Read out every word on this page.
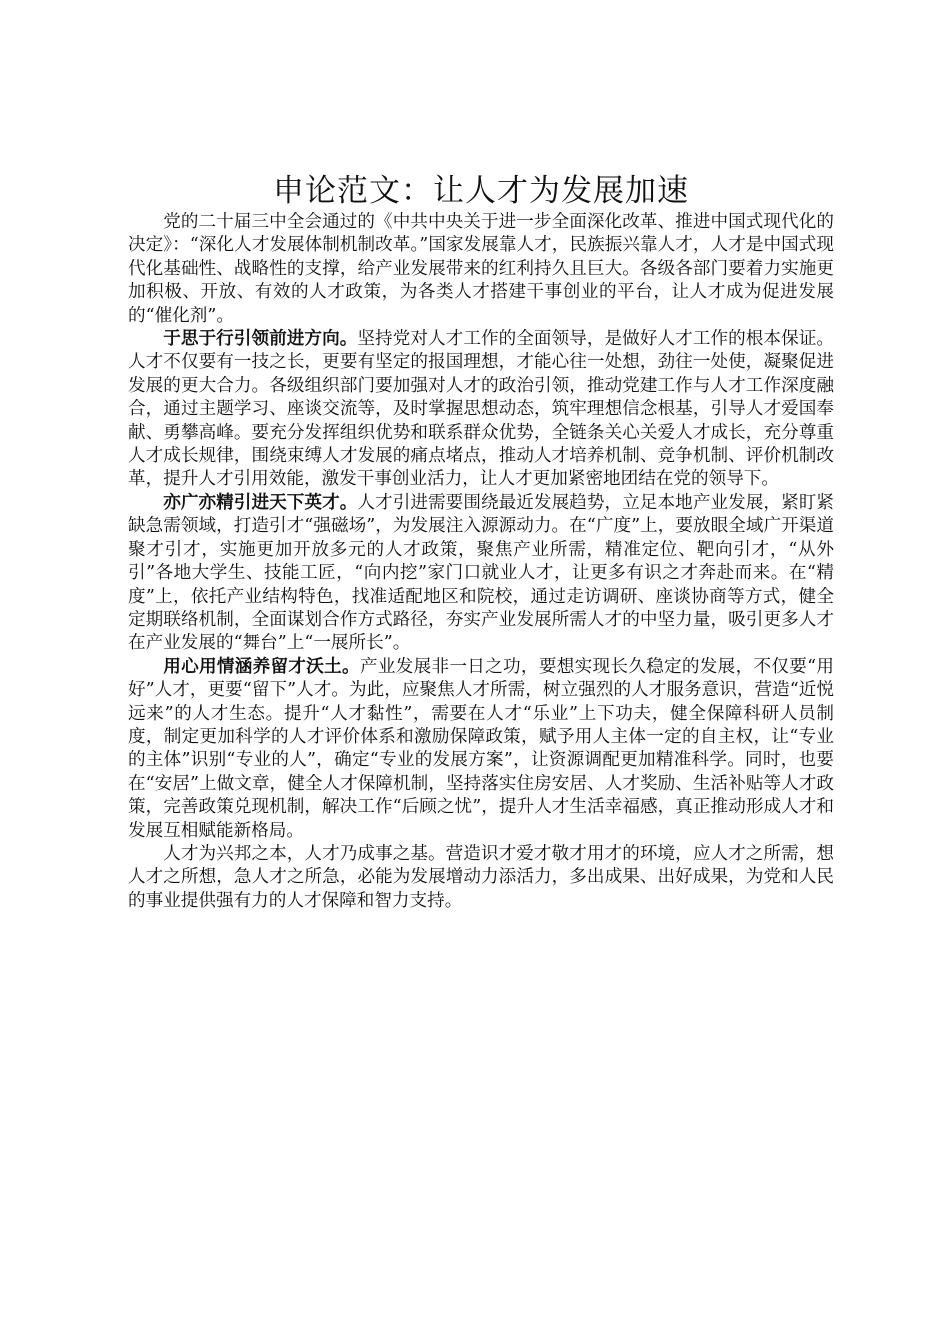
申论范文：让人才为发展加速

党的二十届三中全会通过的《中共中央关于进一步全面深化改革、推进中国式现代化的决定》：“深化人才发展体制机制改革。”国家发展靠人才，民族振兴靠人才，人才是中国式现代化基础性、战略性的支撑，给产业发展带来的红利持久且巨大。各级各部门要着力实施更加积极、开放、有效的人才政策，为各类人才搭建干事创业的平台，让人才成为促进发展的“催化剂”。

于思于行引领前进方向。坚持党对人才工作的全面领导，是做好人才工作的根本保证。人才不仅要有一技之长，更要有坚定的报国理想，才能心往一处想，劲往一处使，凝聚促进发展的更大合力。各级组织部门要加强对人才的政治引领，推动党建工作与人才工作深度融合，通过主题学习、座谈交流等，及时掌握思想动态，筑牢理想信念根基，引导人才爱国奉献、勇攀高峰。要充分发挥组织优势和联系群众优势，全链条关心关爱人才成长，充分尊重人才成长规律，围绕束缚人才发展的痛点堵点，推动人才培养机制、竞争机制、评价机制改革，提升人才引用效能，激发干事创业活力，让人才更加紧密地团结在党的领导下。

亦广亦精引进天下英才。人才引进需要围绕最近发展趋势，立足本地产业发展，紧盯紧缺急需领域，打造引才“强磁场”，为发展注入源源动力。在“广度”上，要放眼全域广开渠道聚才引才，实施更加开放多元的人才政策，聚焦产业所需，精准定位、靶向引才，“从外引”各地大学生、技能工匠，“向内挖”家门口就业人才，让更多有识之才奔赴而来。在“精度”上，依托产业结构特色，找准适配地区和院校，通过走访调研、座谈协商等方式，健全定期联络机制，全面谋划合作方式路径，夯实产业发展所需人才的中坚力量，吸引更多人才在产业发展的“舞台”上“一展所长”。

用心用情涵养留才沃土。产业发展非一日之功，要想实现长久稳定的发展，不仅要“用好”人才，更要“留下”人才。为此，应聚焦人才所需，树立强烈的人才服务意识，营造“近悦远来”的人才生态。提升“人才黏性”，需要在人才“乐业”上下功夫，健全保障科研人员制度，制定更加科学的人才评价体系和激励保障政策，赋予用人主体一定的自主权，让“专业的主体”识别“专业的人”，确定“专业的发展方案”，让资源调配更加精准科学。同时，也要在“安居”上做文章，健全人才保障机制，坚持落实住房安居、人才奖励、生活补贴等人才政策，完善政策兑现机制，解决工作“后顾之忧”，提升人才生活幸福感，真正推动形成人才和发展互相赋能新格局。

人才为兴邦之本，人才乃成事之基。营造识才爱才敬才用才的环境，应人才之所需，想人才之所想，急人才之所急，必能为发展增动力添活力，多出成果、出好成果，为党和人民的事业提供强有力的人才保障和智力支持。
